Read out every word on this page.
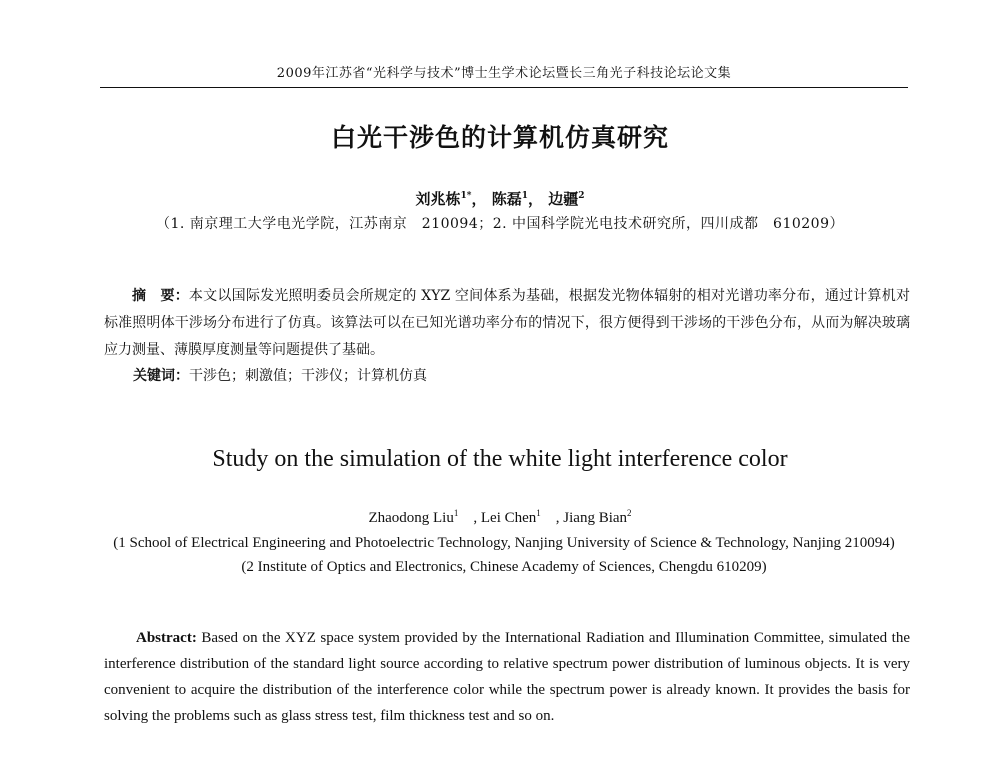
2009年江苏省“光科学与技术”博士生学术论坛暨长三角光子科技论坛论文集
白光干涉色的计算机仿真研究
刘兆栋$^{1*}$， 陈磊$^1$， 边疆$^2$
（1. 南京理工大学电光学院，江苏南京　210094；2. 中国科学院光电技术研究所，四川成都　610209）

摘　要：本文以国际发光照明委员会所规定的 XYZ 空间体系为基础，根据发光物体辐射的相对光谱功率分布，通过计算机对标准照明体干涉场分布进行了仿真。该算法可以在已知光谱功率分布的情况下，很方便得到干涉场的干涉色分布，从而为解决玻璃应力测量、薄膜厚度测量等问题提供了基础。

关键词：干涉色；刺激值；干涉仪；计算机仿真
Study on the simulation of the white light interference color
Zhaodong Liu$^1$　, Lei Chen$^1$　, Jiang Bian$^2$
(1 School of Electrical Engineering and Photoelectric Technology, Nanjing University of Science & Technology, Nanjing 210094)
(2 Institute of Optics and Electronics, Chinese Academy of Sciences, Chengdu 610209)

Abstract: Based on the XYZ space system provided by the International Radiation and Illumination Committee, simulated the interference distribution of the standard light source according to relative spectrum power distribution of luminous objects. It is very convenient to acquire the distribution of the interference color while the spectrum power is already known. It provides the basis for solving the problems such as glass stress test, film thickness test and so on.
